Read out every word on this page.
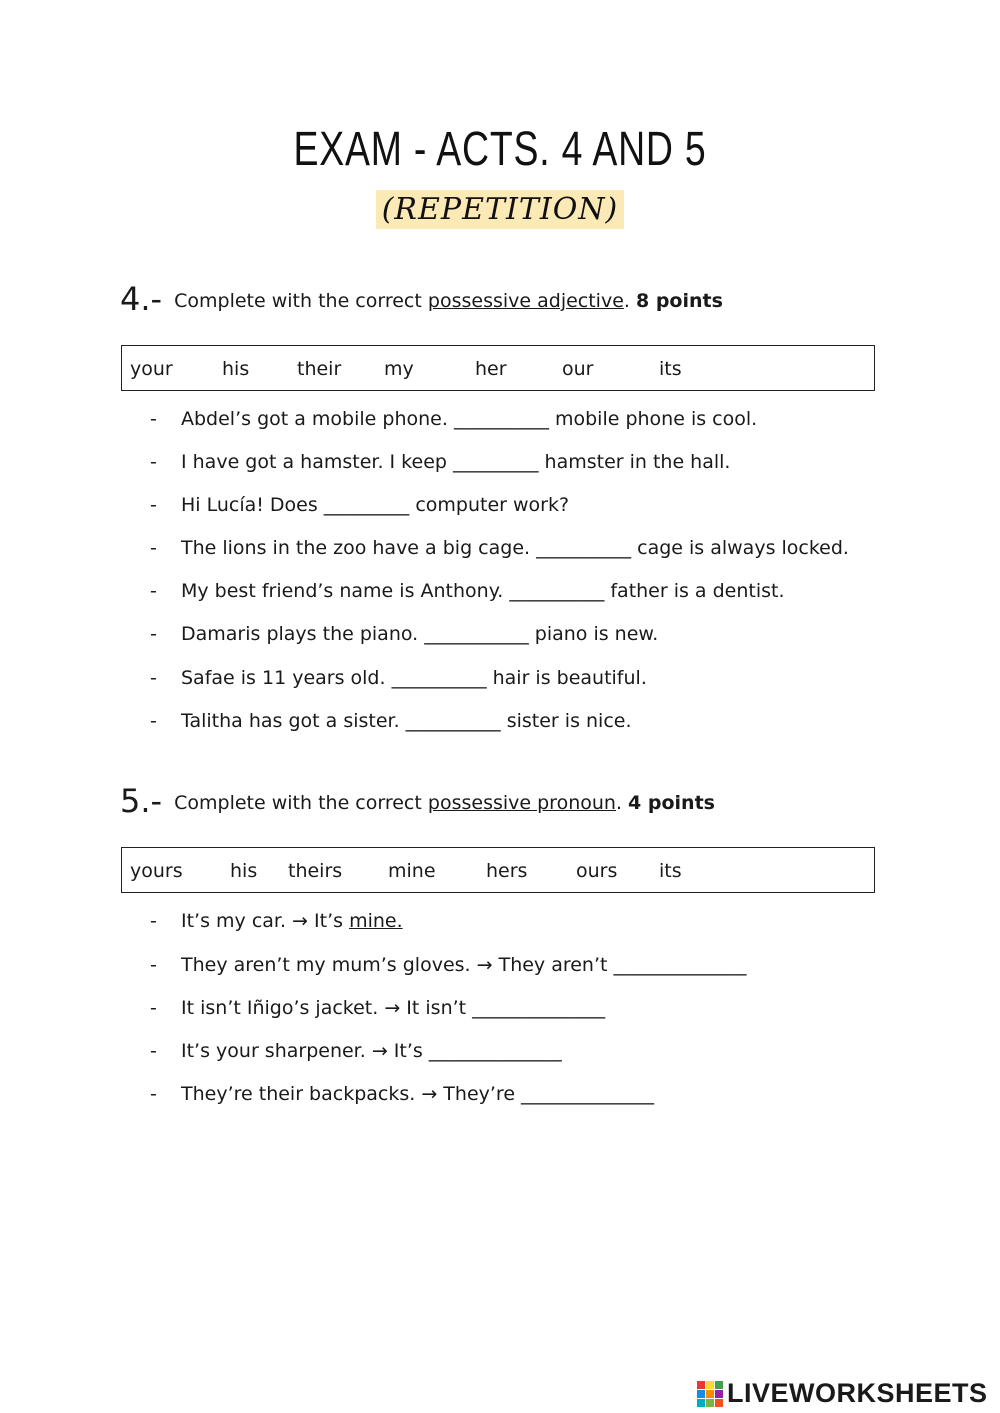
EXAM - ACTS. 4 AND 5
(REPETITION)
4.- Complete with the correct possessive adjective. 8 points
your	his	their my	her	our	its
- Abdel’s got a mobile phone. __________ mobile phone is cool.
- I have got a hamster. I keep _________ hamster in the hall.
- Hi Lucía! Does _________ computer work?
- The lions in the zoo have a big cage. __________ cage is always locked.
- My best friend’s name is Anthony. __________ father is a dentist.
- Damaris plays the piano. ___________ piano is new.
- Safae is 11 years old. __________ hair is beautiful.
- Talitha has got a sister. __________ sister is nice.
5.- Complete with the correct possessive pronoun. 4 points
yours his theirs mine	hers	ours its
- It’s my car. → It’s mine.
- They aren’t my mum’s gloves. → They aren’t ______________
- It isn’t Iñigo’s jacket. → It isn’t ______________
- It’s your sharpener. → It’s ______________
- They’re their backpacks. → They’re ______________
LIVEWORKSHEETS
